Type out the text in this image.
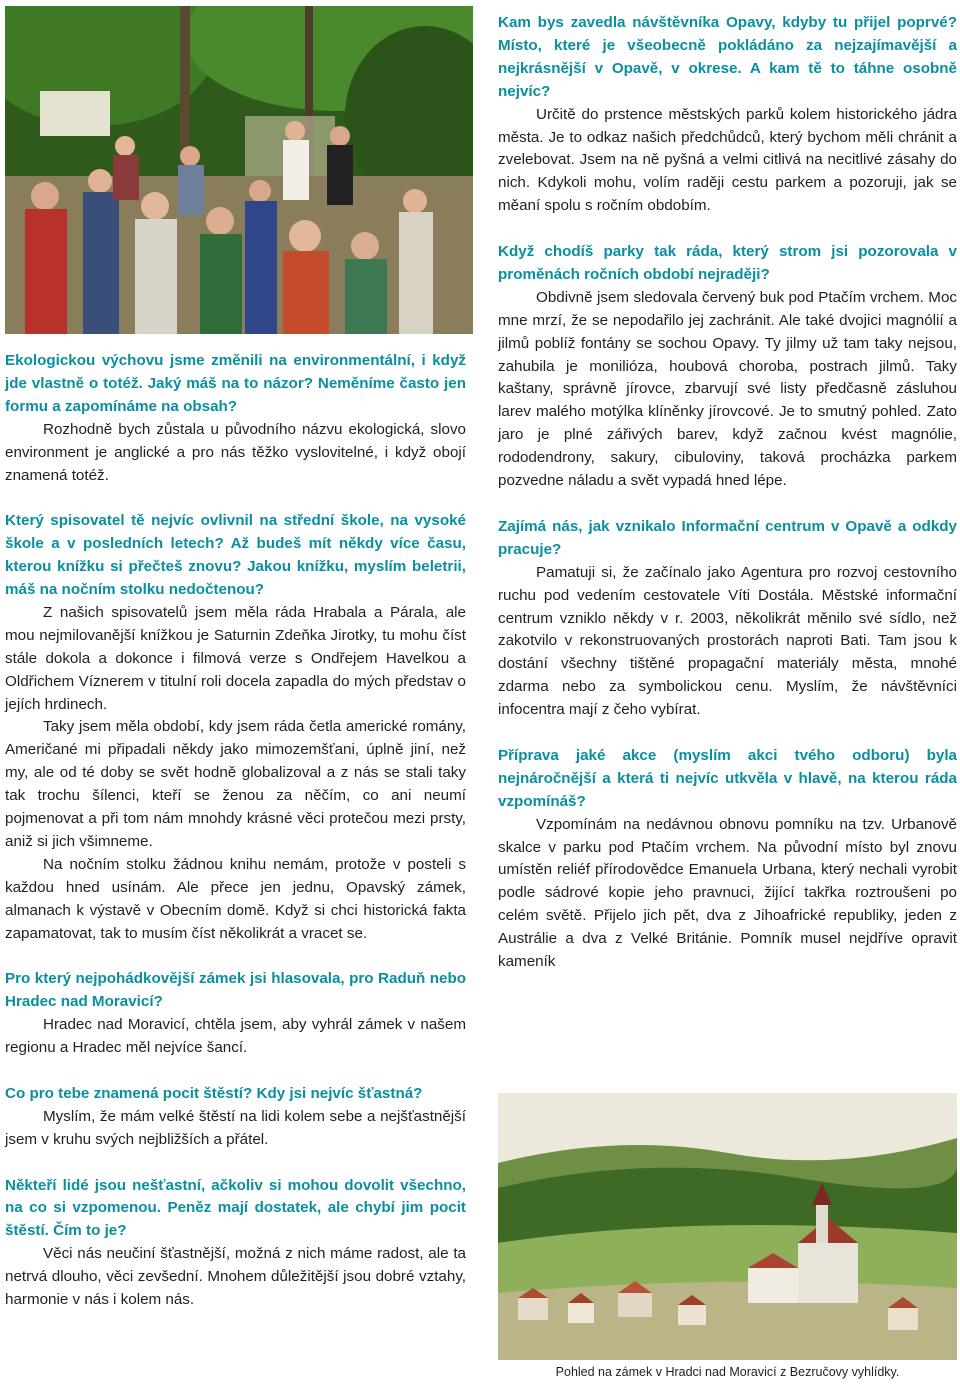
Kam bys zavedla návštěvníka Opavy, kdyby tu přijel poprvé? Místo, které je všeobecně pokládáno za nejzajímavější a nejkrásnější v Opavě, v okrese. A kam tě to táhne osobně nejvíc?

Určitě do prstence městských parků kolem historického jádra města. Je to odkaz našich předchůdců, který bychom měli chránit a zvelebovat. Jsem na ně pyšná a velmi citlivá na necitlivé zásahy do nich. Kdykoli mohu, volím raději cestu parkem a pozoruji, jak se měaní spolu s ročním obdobím.

Když chodíš parky tak ráda, který strom jsi pozorovala v proměnách ročních období nejraději?

Obdivně jsem sledovala červený buk pod Ptačím vrchem. Moc mne mrzí, že se nepodařilo jej zachránit. Ale také dvojici magnólií a jilmů poblíž fontány se sochou Opavy. Ty jilmy už tam taky nejsou, zahubila je monilióza, houbová choroba, postrach jilmů. Taky kaštany, správně jírovce, zbarvují své listy předčasně zásluhou larev malého motýlka klíněnky jírovcové. Je to smutný pohled. Zato jaro je plné zářivých barev, když začnou kvést magnólie, rododendrony, sakury, cibuloviny, taková procházka parkem pozvedne náladu a svět vypadá hned lépe.

Zajímá nás, jak vznikalo Informační centrum v Opavě a odkdy pracuje?

Pamatuji si, že začínalo jako Agentura pro rozvoj cestovního ruchu pod vedením cestovatele Víti Dostála. Městské informační centrum vzniklo někdy v r. 2003, několikrát měnilo své sídlo, než zakotvilo v rekonstruovaných prostorách naproti Bati. Tam jsou k dostání všechny tištěné propagační materiály města, mnohé zdarma nebo za symbolickou cenu. Myslím, že návštěvníci infocentra mají z čeho vybírat.

Příprava jaké akce (myslím akci tvého odboru) byla nejnáročnější a která ti nejvíc utkvěla v hlavě, na kterou ráda vzpomínáš?

Vzpomínám na nedávnou obnovu pomníku na tzv. Urbanově skalce v parku pod Ptačím vrchem. Na původní místo byl znovu umístěn reliéf přírodovědce Emanuela Urbana, který nechali vyrobit podle sádrové kopie jeho pravnuci, žijící takřka roztroušeni po celém světě. Přijelo jich pět, dva z Jihoafrické republiky, jeden z Austrálie a dva z Velké Británie. Pomník musel nejdříve opravit kameník

Ekologickou výchovu jsme změnili na environmentální, i když jde vlastně o totéž. Jaký máš na to názor? Neměníme často jen formu a zapomínáme na obsah?

Rozhodně bych zůstala u původního názvu ekologická, slovo environment je anglické a pro nás těžko vyslovitelné, i když obojí znamená totéž.

Který spisovatel tě nejvíc ovlivnil na střední škole, na vysoké škole a v posledních letech? Až budeš mít někdy více času, kterou knížku si přečteš znovu? Jakou knížku, myslím beletrii, máš na nočním stolku nedočtenou?

Z našich spisovatelů jsem měla ráda Hrabala a Párala, ale mou nejmilovanější knížkou je Saturnin Zdeňka Jirotky, tu mohu číst stále dokola a dokonce i filmová verze s Ondřejem Havelkou a Oldřichem Víznerem v titulní roli docela zapadla do mých představ o jejích hrdinech.

Taky jsem měla období, kdy jsem ráda četla americké romány, Američané mi připadali někdy jako mimozemšťani, úplně jiní, než my, ale od té doby se svět hodně globalizoval a z nás se stali taky tak trochu šílenci, kteří se ženou za něčím, co ani neumí pojmenovat a při tom nám mnohdy krásné věci protečou mezi prsty, aniž si jich všimneme.

Na nočním stolku žádnou knihu nemám, protože v posteli s každou hned usínám. Ale přece jen jednu, Opavský zámek, almanach k výstavě v Obecním domě. Když si chci historická fakta zapamatovat, tak to musím číst několikrát a vracet se.

Pro který nejpohádkovější zámek jsi hlasovala, pro Raduň nebo Hradec nad Moravicí?

Hradec nad Moravicí, chtěla jsem, aby vyhrál zámek v našem regionu a Hradec měl nejvíce šancí.

Co pro tebe znamená pocit štěstí? Kdy jsi nejvíc šťastná?

Myslím, že mám velké štěstí na lidi kolem sebe a nejšťastnější jsem v kruhu svých nejbližších a přátel.

Někteří lidé jsou nešťastní, ačkoliv si mohou dovolit všechno, na co si vzpomenou. Peněz mají dostatek, ale chybí jim pocit štěstí. Čím to je?

Věci nás neučiní šťastnější, možná z nich máme radost, ale ta netrvá dlouho, věci zevšední. Mnohem důležitější jsou dobré vztahy, harmonie v nás i kolem nás.

Pohled na zámek v Hradci nad Moravicí z Bezručovy vyhlídky.
